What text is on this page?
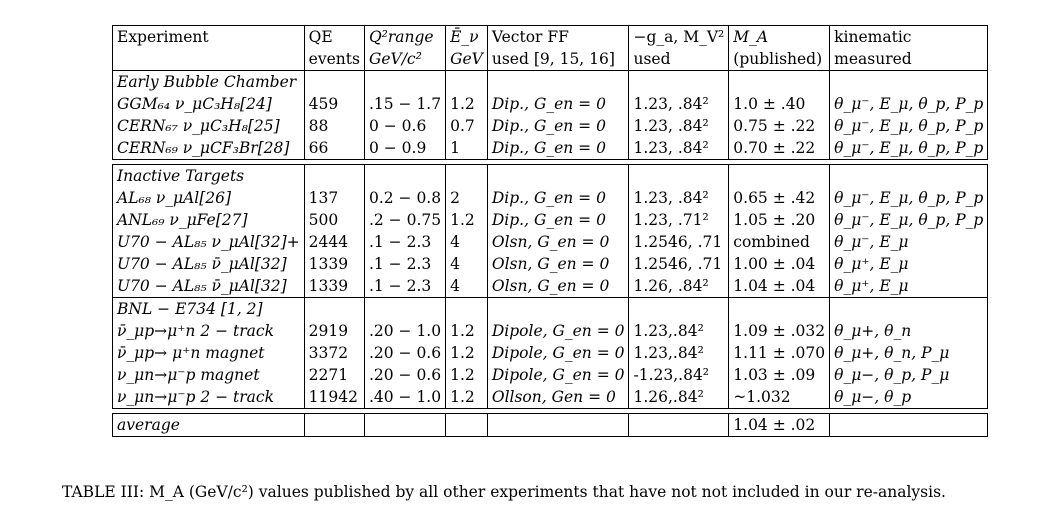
Experiment	QE	Q²range	Ē_ν	Vector FF	−g_a, M_V²	M_A	kinematic
	events	GeV/c²	GeV	used [9, 15, 16]	used	(published)	measured
Early Bubble Chamber							
GGM₆₄ ν_μC₃H₈[24]	459	.15 − 1.7	1.2	Dip., G_en = 0	1.23, .84²	1.0 ± .40	θ_μ⁻, E_μ, θ_p, P_p
CERN₆₇ ν_μC₃H₈[25]	88	0 − 0.6	0.7	Dip., G_en = 0	1.23, .84²	0.75 ± .22	θ_μ⁻, E_μ, θ_p, P_p
CERN₆₉ ν_μCF₃Br[28]	66	0 − 0.9	1	Dip., G_en = 0	1.23, .84²	0.70 ± .22	θ_μ⁻, E_μ, θ_p, P_p

Inactive Targets							
AL₆₈ ν_μAl[26]	137	0.2 − 0.8	2	Dip., G_en = 0	1.23, .84²	0.65 ± .42	θ_μ⁻, E_μ, θ_p, P_p
ANL₆₉ ν_μFe[27]	500	.2 − 0.75	1.2	Dip., G_en = 0	1.23, .71²	1.05 ± .20	θ_μ⁻, E_μ, θ_p, P_p
U70 − AL₈₅ ν_μAl[32]+	2444	.1 − 2.3	4	Olsn, G_en = 0	1.2546, .71	combined	θ_μ⁻, E_μ
U70 − AL₈₅ ν̄_μAl[32]	1339	.1 − 2.3	4	Olsn, G_en = 0	1.2546, .71	1.00 ± .04	θ_μ⁺, E_μ
U70 − AL₈₅ ν̄_μAl[32]	1339	.1 − 2.3	4	Olsn, G_en = 0	1.26, .84²	1.04 ± .04	θ_μ⁺, E_μ
BNL − E734 [1, 2]							
ν̄_μp→μ⁺n 2 − track	2919	.20 − 1.0	1.2	Dipole, G_en = 0	1.23,.84²	1.09 ± .032	θ_μ+, θ_n
ν̄_μp→ μ⁺n magnet	3372	.20 − 0.6	1.2	Dipole, G_en = 0	1.23,.84²	1.11 ± .070	θ_μ+, θ_n, P_μ
ν_μn→μ⁻p magnet	2271	.20 − 0.6	1.2	Dipole, G_en = 0	-1.23,.84²	1.03 ± .09	θ_μ−, θ_p, P_μ
ν_μn→μ⁻p 2 − track	11942	.40 − 1.0	1.2	Ollson, Gen = 0	1.26,.84²	~1.032	θ_μ−, θ_p

average						1.04 ± .02	
TABLE III: M_A (GeV/c²) values published by all other experiments that have not not included in our re-analysis.
